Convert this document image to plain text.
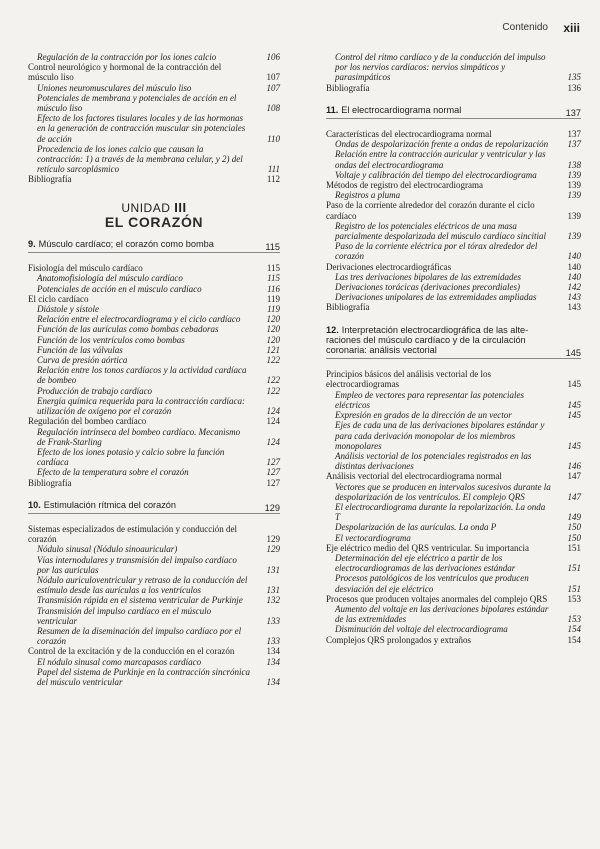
Contenido xiii
Regulación de la contracción por los iones calcio	106
Control neurológico y hormonal de la contracción del músculo liso	107
Uniones neuromusculares del músculo liso	107
Potenciales de membrana y potenciales de acción en el músculo liso	108
Efecto de los factores tisulares locales y de las hormonas en la generación de contracción muscular sin potenciales de acción	110
Procedencia de los iones calcio que causan la contracción: 1) a través de la membrana celular, y 2) del retículo sarcoplásmico	111
Bibliografía	112
UNIDAD III
EL CORAZÓN
9. Músculo cardíaco; el corazón como bomba	115
Fisiología del músculo cardíaco	115
Anatomofisiología del músculo cardíaco	115
Potenciales de acción en el músculo cardíaco	116
El ciclo cardíaco	119
Diástole y sístole	119
Relación entre el electrocardiograma y el ciclo cardíaco	120
Función de las aurículas como bombas cebadoras	120
Función de los ventrículos como bombas	120
Función de las válvulas	121
Curva de presión aórtica	122
Relación entre los tonos cardíacos y la actividad cardíaca de bombeo	122
Producción de trabajo cardíaco	122
Energía química requerida para la contracción cardíaca: utilización de oxígeno por el corazón	124
Regulación del bombeo cardíaco	124
Regulación intrínseca del bombeo cardíaco. Mecanismo de Frank-Starling	124
Efecto de los iones potasio y calcio sobre la función cardíaca	127
Efecto de la temperatura sobre el corazón	127
Bibliografía	127
10. Estimulación rítmica del corazón	129
Sistemas especializados de estimulación y conducción del corazón	129
Nódulo sinusal (Nódulo sinoauricular)	129
Vías internodulares y transmisión del impulso cardíaco por las aurículas	131
Nódulo auriculoventricular y retraso de la conducción del estímulo desde las aurículas a los ventrículos	131
Transmisión rápida en el sistema ventricular de Purkinje	132
Transmisión del impulso cardíaco en el músculo ventricular	133
Resumen de la diseminación del impulso cardíaco por el corazón	133
Control de la excitación y de la conducción en el corazón	134
El nódulo sinusal como marcapasos cardíaco	134
Papel del sistema de Purkinje en la contracción sincrónica del músculo ventricular	134
Control del ritmo cardíaco y de la conducción del impulso por los nervios cardíacos: nervios simpáticos y parasimpáticos	135
Bibliografía	136
11. El electrocardiograma normal	137
Características del electrocardiograma normal	137
Ondas de despolarización frente a ondas de repolarización	137
Relación entre la contracción auricular y ventricular y las ondas del electrocardiograma	138
Voltaje y calibración del tiempo del electrocardiograma	139
Métodos de registro del electrocardiograma	139
Registros a pluma	139
Paso de la corriente alrededor del corazón durante el ciclo cardíaco	139
Registro de los potenciales eléctricos de una masa parcialmente despolarizada del músculo cardíaco sincitial	139
Paso de la corriente eléctrica por el tórax alrededor del corazón	140
Derivaciones electrocardiográficas	140
Las tres derivaciones bipolares de las extremidades	140
Derivaciones torácicas (derivaciones precordiales)	142
Derivaciones unipolares de las extremidades ampliadas	143
Bibliografía	143
12. Interpretación electrocardiográfica de las alteraciones del músculo cardíaco y de la circulación coronaria: análisis vectorial	145
Principios básicos del análisis vectorial de los electrocardiogramas	145
Empleo de vectores para representar las potenciales eléctricos	145
Expresión en grados de la dirección de un vector	145
Ejes de cada una de las derivaciones bipolares estándar y para cada derivación monopolar de los miembros monopolares	145
Análisis vectorial de los potenciales registrados en las distintas derivaciones	146
Análisis vectorial del electrocardiograma normal	147
Vectores que se producen en intervalos sucesivos durante la despolarización de los ventrículos. El complejo QRS	147
El electrocardiograma durante la repolarización. La onda T	149
Despolarización de las aurículas. La onda P	150
El vectocardiograma	150
Eje eléctrico medio del QRS ventricular. Su importancia	151
Determinación del eje eléctrico a partir de los electrocardiogramas de las derivaciones estándar	151
Procesos patológicos de los ventrículos que producen desviación del eje eléctrico	151
Procesos que producen voltajes anormales del complejo QRS	153
Aumento del voltaje en las derivaciones bipolares estándar de las extremidades	153
Disminución del voltaje del electrocardiograma	154
Complejos QRS prolongados y extraños	154
